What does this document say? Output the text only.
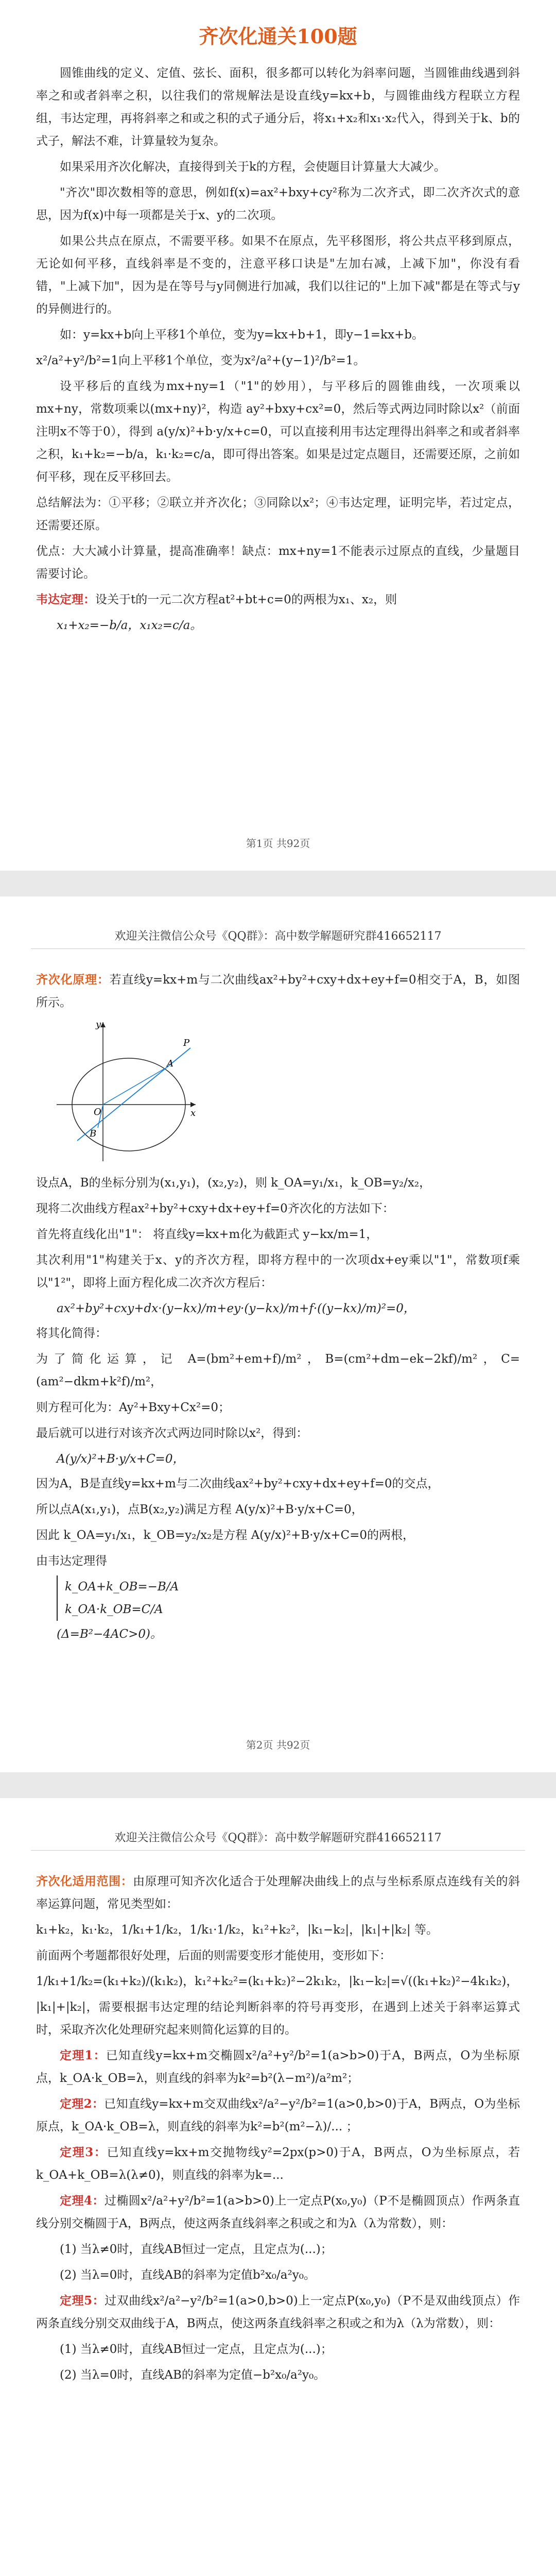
齐次化通关100题

圆锥曲线的定义、定值、弦长、面积，很多都可以转化为斜率问题，当圆锥曲线遇到斜率之和或者斜率之积，以往我们的常规解法是设直线y=kx+b，与圆锥曲线方程联立方程组，韦达定理，再将斜率之和或之积的式子通分后，将x₁+x₂和x₁·x₂代入，得到关于k、b的式子，解法不难，计算量较为复杂。

如果采用齐次化解决，直接得到关于k的方程，会使题目计算量大大减少。

"齐次"即次数相等的意思，例如f(x)=ax²+bxy+cy²称为二次齐式，即二次齐次式的意思，因为f(x)中每一项都是关于x、y的二次项。

如果公共点在原点，不需要平移。如果不在原点，先平移图形，将公共点平移到原点，无论如何平移，直线斜率是不变的，注意平移口诀是"左加右减，上减下加"，你没有看错，"上减下加"，因为是在等号与y同侧进行加减，我们以往记的"上加下减"都是在等式与y的异侧进行的。

如：y=kx+b向上平移1个单位，变为y=kx+b+1，即y−1=kx+b。

x²/a²+y²/b²=1向上平移1个单位，变为x²/a²+(y−1)²/b²=1。

设平移后的直线为mx+ny=1（"1"的妙用），与平移后的圆锥曲线，一次项乘以mx+ny，常数项乘以(mx+ny)²，构造 ay²+bxy+cx²=0，然后等式两边同时除以x²（前面注明x不等于0），得到 a(y/x)²+b·y/x+c=0，可以直接利用韦达定理得出斜率之和或者斜率之积，k₁+k₂=−b/a，k₁·k₂=c/a，即可得出答案。如果是过定点题目，还需要还原，之前如何平移，现在反平移回去。

总结解法为：①平移；②联立并齐次化；③同除以x²；④韦达定理，证明完毕，若过定点，还需要还原。

优点：大大减小计算量，提高准确率！缺点：mx+ny=1不能表示过原点的直线，少量题目需要讨论。

韦达定理：设关于t的一元二次方程at²+bt+c=0的两根为x₁、x₂，则

x₁+x₂=−b/a，x₁x₂=c/a。
第1页 共92页
欢迎关注微信公众号《QQ群》：高中数学解题研究群416652117

齐次化原理：若直线y=kx+m与二次曲线ax²+by²+cxy+dx+ey+f=0相交于A，B，如图所示。

y
x
O
A
B
P

设点A，B的坐标分别为(x₁,y₁)，(x₂,y₂)，则 k_OA=y₁/x₁，k_OB=y₂/x₂，

现将二次曲线方程ax²+by²+cxy+dx+ey+f=0齐次化的方法如下：

首先将直线化出"1"： 将直线y=kx+m化为截距式 y−kx/m=1，

其次利用"1"构建关于x、y的齐次方程，即将方程中的一次项dx+ey乘以"1"，常数项f乘以"1²"，即将上面方程化成二次齐次方程后：

ax²+by²+cxy+dx·(y−kx)/m+ey·(y−kx)/m+f·((y−kx)/m)²=0，

将其化简得：

为了简化运算，记 A=(bm²+em+f)/m²，B=(cm²+dm−ek−2kf)/m²，C=(am²−dkm+k²f)/m²，

则方程可化为：Ay²+Bxy+Cx²=0；

最后就可以进行对该齐次式两边同时除以x²，得到：

A(y/x)²+B·y/x+C=0，

因为A，B是直线y=kx+m与二次曲线ax²+by²+cxy+dx+ey+f=0的交点，

所以点A(x₁,y₁)，点B(x₂,y₂)满足方程 A(y/x)²+B·y/x+C=0，

因此 k_OA=y₁/x₁，k_OB=y₂/x₂是方程 A(y/x)²+B·y/x+C=0的两根，

由韦达定理得

k_OA+k_OB=−B/A
k_OA·k_OB=C/A
(Δ=B²−4AC>0)。
第2页 共92页
欢迎关注微信公众号《QQ群》：高中数学解题研究群416652117

齐次化适用范围：由原理可知齐次化适合于处理解决曲线上的点与坐标系原点连线有关的斜率运算问题，常见类型如：

k₁+k₂，k₁·k₂，1/k₁+1/k₂，1/k₁·1/k₂，k₁²+k₂²，|k₁−k₂|，|k₁|+|k₂| 等。

前面两个考题都很好处理，后面的则需要变形才能使用，变形如下：

1/k₁+1/k₂=(k₁+k₂)/(k₁k₂)，k₁²+k₂²=(k₁+k₂)²−2k₁k₂，|k₁−k₂|=√((k₁+k₂)²−4k₁k₂)，

|k₁|+|k₂|，需要根据韦达定理的结论判断斜率的符号再变形，在遇到上述关于斜率运算式时，采取齐次化处理研究起来则简化运算的目的。

定理1：已知直线y=kx+m交椭圆x²/a²+y²/b²=1(a>b>0)于A，B两点，O为坐标原点，k_OA·k_OB=λ，则直线的斜率为k²=b²(λ−m²)/a²m²；

定理2：已知直线y=kx+m交双曲线x²/a²−y²/b²=1(a>0,b>0)于A，B两点，O为坐标原点，k_OA·k_OB=λ，则直线的斜率为k²=b²(m²−λ)/... ；

定理3：已知直线y=kx+m交抛物线y²=2px(p>0)于A，B两点，O为坐标原点，若k_OA+k_OB=λ(λ≠0)，则直线的斜率为k=...

定理4：过椭圆x²/a²+y²/b²=1(a>b>0)上一定点P(x₀,y₀)（P不是椭圆顶点）作两条直线分别交椭圆于A，B两点，使这两条直线斜率之积或之和为λ（λ为常数），则：

(1) 当λ≠0时，直线AB恒过一定点，且定点为(...)；

(2) 当λ=0时，直线AB的斜率为定值b²x₀/a²y₀。

定理5：过双曲线x²/a²−y²/b²=1(a>0,b>0)上一定点P(x₀,y₀)（P不是双曲线顶点）作两条直线分别交双曲线于A，B两点，使这两条直线斜率之积或之和为λ（λ为常数），则：

(1) 当λ≠0时，直线AB恒过一定点，且定点为(...)；

(2) 当λ=0时，直线AB的斜率为定值−b²x₀/a²y₀。
